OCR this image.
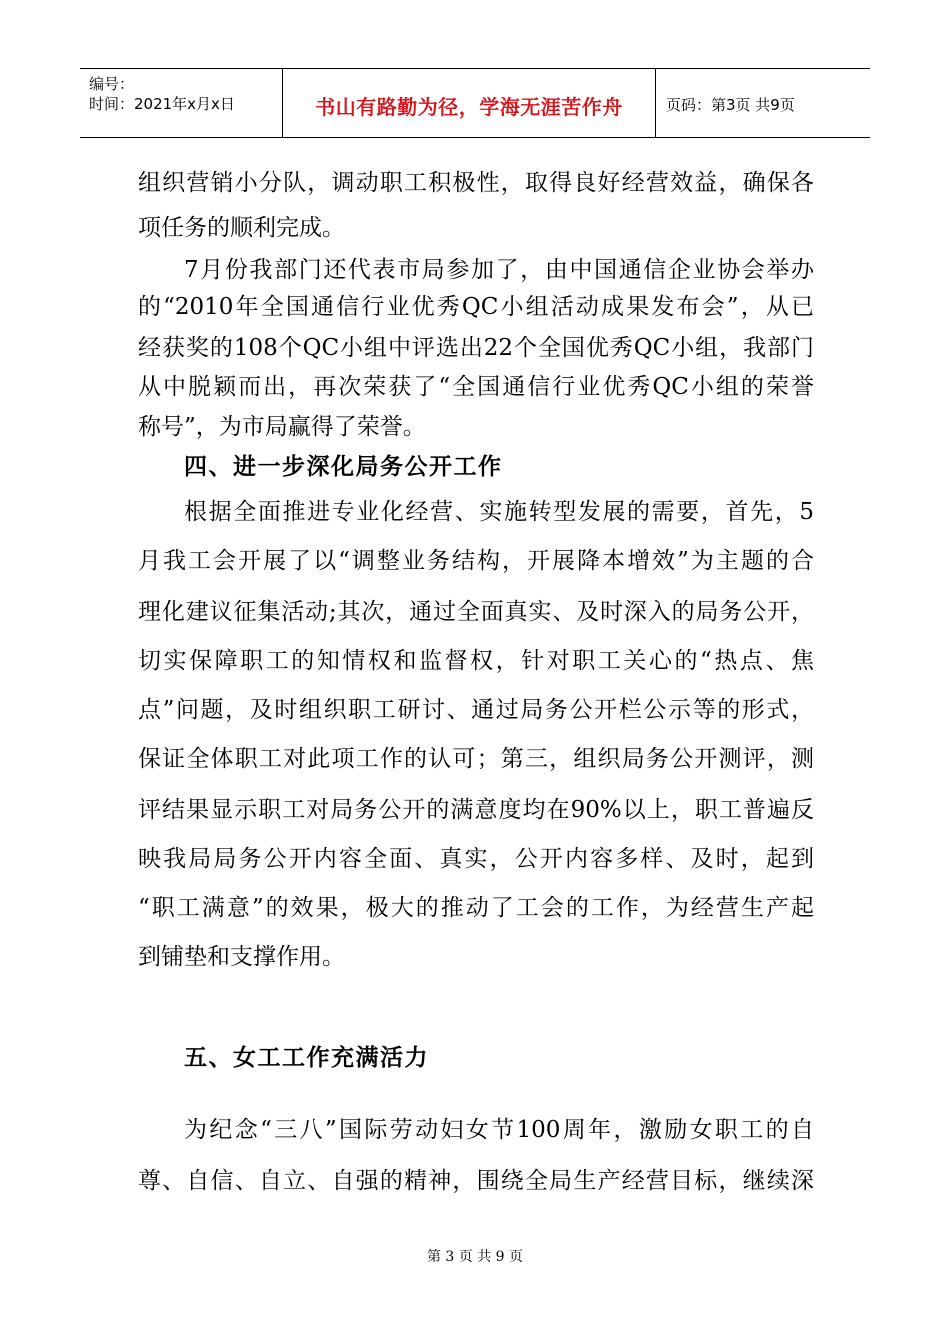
编号：
时间：2021年x月x日	书山有路勤为径，学海无涯苦作舟	页码：第3页 共9页
组织营销小分队，调动职工积极性，取得良好经营效益，确保各
项任务的顺利完成。
7月份我部门还代表市局参加了，由中国通信企业协会举办
的“2010年全国通信行业优秀QC小组活动成果发布会”，从已
经获奖的108个QC小组中评选出22个全国优秀QC小组，我部门
从中脱颖而出，再次荣获了“全国通信行业优秀QC小组的荣誉
称号”，为市局赢得了荣誉。
四、进一步深化局务公开工作
根据全面推进专业化经营、实施转型发展的需要，首先，5
月我工会开展了以“调整业务结构，开展降本增效”为主题的合
理化建议征集活动;其次，通过全面真实、及时深入的局务公开，
切实保障职工的知情权和监督权，针对职工关心的“热点、焦
点”问题，及时组织职工研讨、通过局务公开栏公示等的形式，
保证全体职工对此项工作的认可；第三，组织局务公开测评，测
评结果显示职工对局务公开的满意度均在90%以上，职工普遍反
映我局局务公开内容全面、真实，公开内容多样、及时，起到
“职工满意”的效果，极大的推动了工会的工作，为经营生产起
到铺垫和支撑作用。
五、女工工作充满活力
为纪念“三八”国际劳动妇女节100周年，激励女职工的自
尊、自信、自立、自强的精神，围绕全局生产经营目标，继续深
第 3 页 共 9 页
